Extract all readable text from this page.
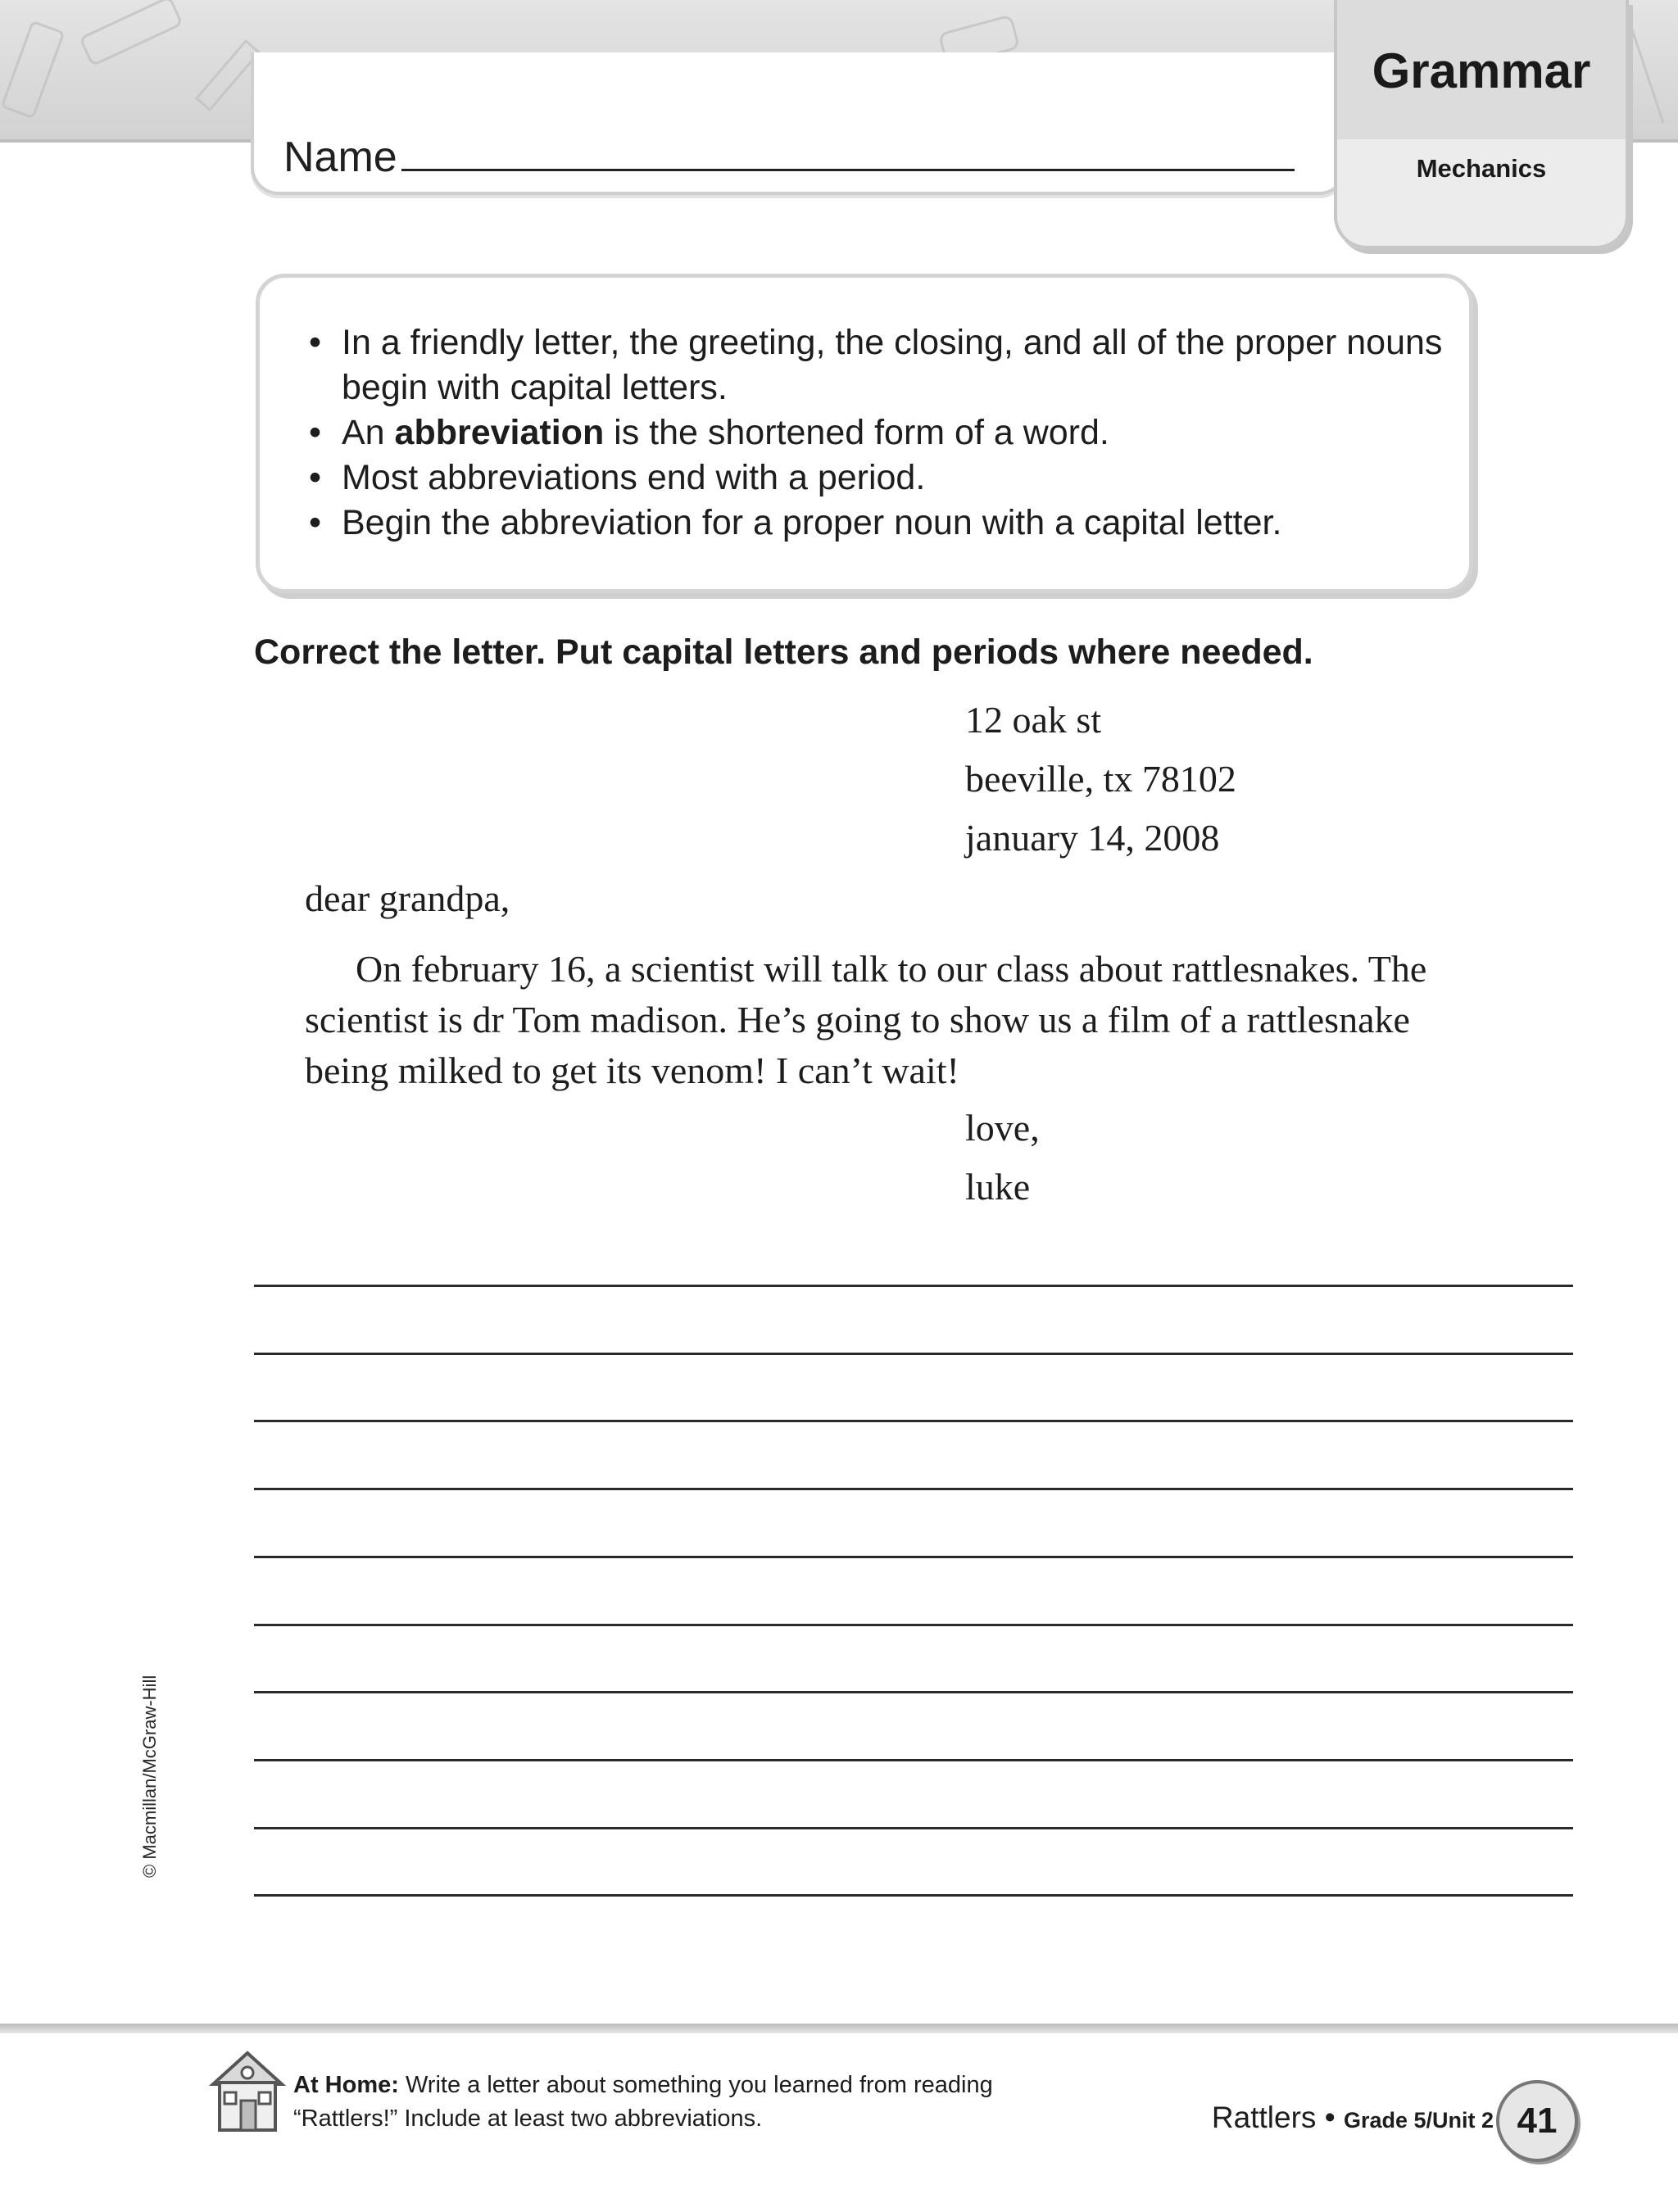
Name
Grammar
Mechanics
• In a friendly letter, the greeting, the closing, and all of the proper nouns begin with capital letters.
• An abbreviation is the shortened form of a word.
• Most abbreviations end with a period.
• Begin the abbreviation for a proper noun with a capital letter.
Correct the letter. Put capital letters and periods where needed.
12 oak st
beeville, tx 78102
january 14, 2008
dear grandpa,

On february 16, a scientist will talk to our class about rattlesnakes. The scientist is dr Tom madison. He’s going to show us a film of a rattlesnake being milked to get its venom! I can’t wait!

love,
luke
© Macmillan/McGraw-Hill
At Home: Write a letter about something you learned from reading “Rattlers!” Include at least two abbreviations.	Rattlers • Grade 5/Unit 2 41
